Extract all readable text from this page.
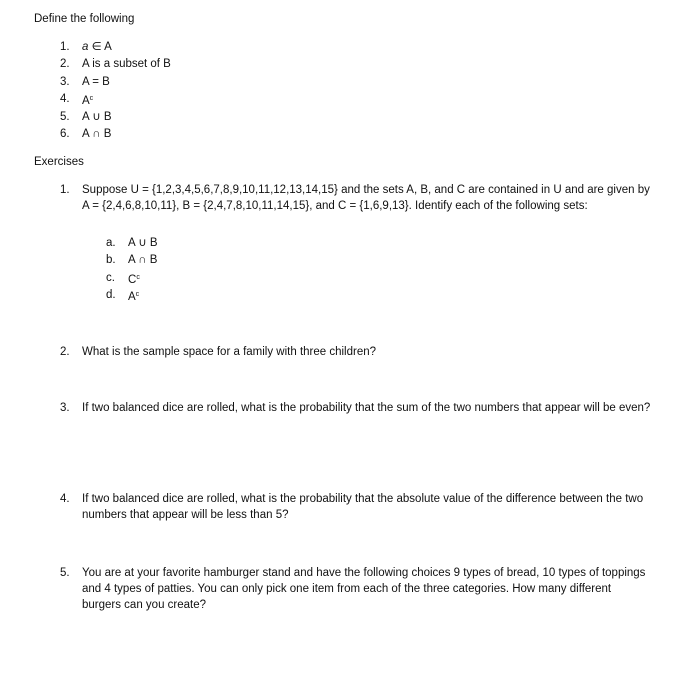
Define the following
1. a ∈ A
2. A is a subset of B
3. A = B
4. $A^c$
5. A ∪ B
6. A ∩ B
Exercises
1. Suppose U = {1,2,3,4,5,6,7,8,9,10,11,12,13,14,15} and the sets A, B, and C are contained in U and are given by A = {2,4,6,8,10,11}, B = {2,4,7,8,10,11,14,15}, and C = {1,6,9,13}. Identify each of the following sets:
a. A ∪ B
b. A ∩ B
c. $C^c$
d. $A^c$
2. What is the sample space for a family with three children?
3. If two balanced dice are rolled, what is the probability that the sum of the two numbers that appear will be even?
4. If two balanced dice are rolled, what is the probability that the absolute value of the difference between the two numbers that appear will be less than 5?
5. You are at your favorite hamburger stand and have the following choices 9 types of bread, 10 types of toppings and 4 types of patties. You can only pick one item from each of the three categories. How many different burgers can you create?
